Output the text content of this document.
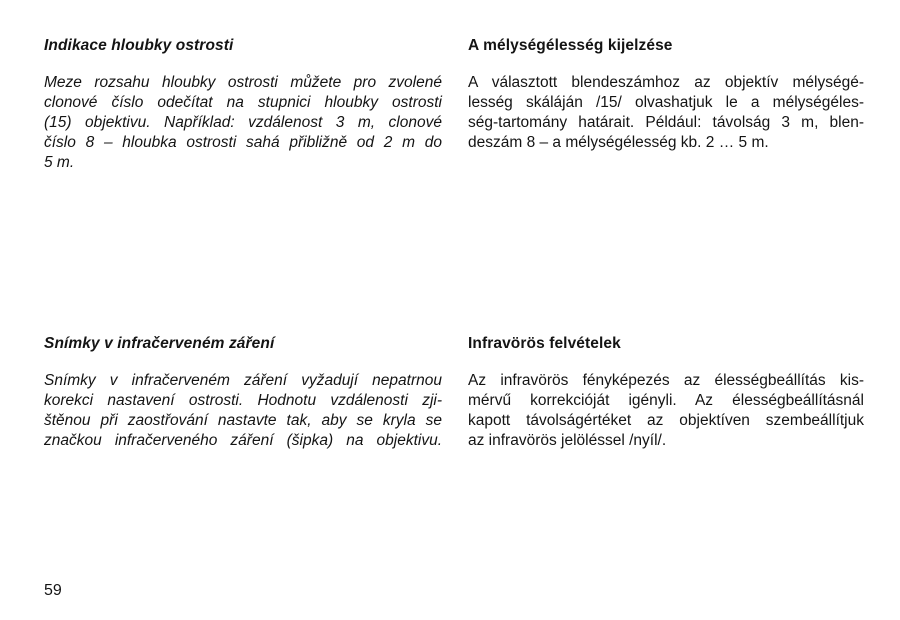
Indikace hloubky ostrosti
Meze rozsahu hloubky ostrosti můžete pro zvolené
clonové číslo odečítat na stupnici hloubky ostrosti
(15) objektivu. Například: vzdálenost 3 m, clonové
číslo 8 – hloubka ostrosti sahá přibližně od 2 m do
5 m.
A mélységélesség kijelzése
A választott blendeszámhoz az objektív mélységé-
lesség skáláján /15/ olvashatjuk le a mélységéles-
ség-tartomány határait. Például: távolság 3 m, blen-
deszám 8 – a mélységélesség kb. 2 … 5 m.
Snímky v infračerveném záření
Snímky v infračerveném záření vyžadují nepatrnou
korekci nastavení ostrosti. Hodnotu vzdálenosti zji-
štěnou při zaostřování nastavte tak, aby se kryla se
značkou infračerveného záření (šipka) na objektivu.
Infravörös felvételek
Az infravörös fényképezés az élességbeállítás kis-
mérvű korrekcióját igényli. Az élességbeállításnál
kapott távolságértéket az objektíven szembeállítjuk
az infravörös jelöléssel /nyíl/.
59
